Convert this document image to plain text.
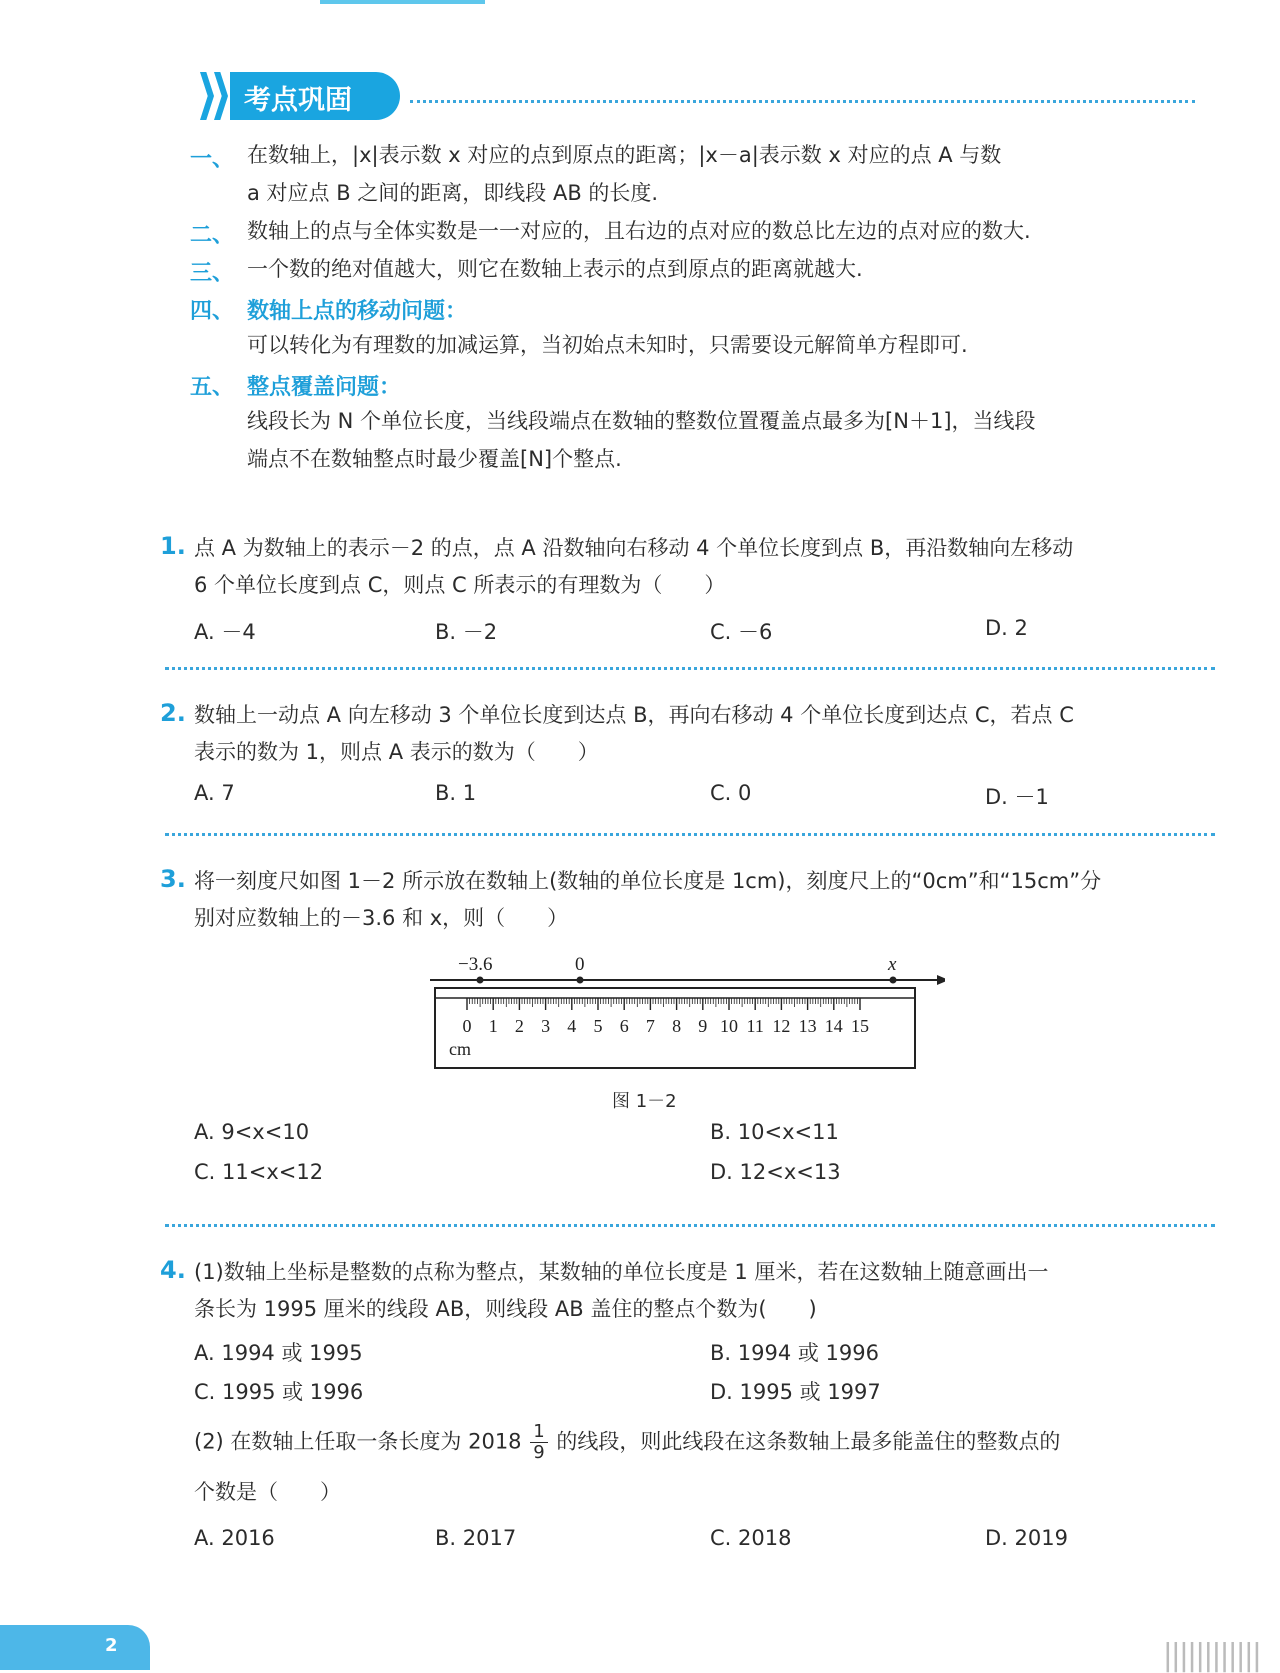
考点巩固
一、 在数轴上，|x|表示数 x 对应的点到原点的距离；|x－a|表示数 x 对应的点 A 与数
a 对应点 B 之间的距离，即线段 AB 的长度.
二、 数轴上的点与全体实数是一一对应的，且右边的点对应的数总比左边的点对应的数大.
三、 一个数的绝对值越大，则它在数轴上表示的点到原点的距离就越大.
四、 数轴上点的移动问题：
可以转化为有理数的加减运算，当初始点未知时，只需要设元解简单方程即可.
五、 整点覆盖问题：
线段长为 N 个单位长度，当线段端点在数轴的整数位置覆盖点最多为[N＋1]，当线段
端点不在数轴整点时最少覆盖[N]个整点.
1. 点 A 为数轴上的表示－2 的点，点 A 沿数轴向右移动 4 个单位长度到点 B，再沿数轴向左移动
6 个单位长度到点 C，则点 C 所表示的有理数为（　　）
A. －4	B. －2	C. －6	D. 2
2. 数轴上一动点 A 向左移动 3 个单位长度到达点 B，再向右移动 4 个单位长度到达点 C，若点 C
表示的数为 1，则点 A 表示的数为（　　）
A. 7	B. 1	C. 0	D. －1
3. 将一刻度尺如图 1－2 所示放在数轴上(数轴的单位长度是 1cm)，刻度尺上的“0cm”和“15cm”分
别对应数轴上的－3.6 和 x，则（　　）
−3.6	0	x
0 1 2 3 4 5 6 7 8 9 10 11 12 13 14 15
cm
图 1－2
A. 9<x<10	B. 10<x<11
C. 11<x<12	D. 12<x<13
4. (1)数轴上坐标是整数的点称为整点，某数轴的单位长度是 1 厘米，若在这数轴上随意画出一
条长为 1995 厘米的线段 AB，则线段 AB 盖住的整点个数为(　　)
A. 1994 或 1995	B. 1994 或 1996
C. 1995 或 1996	D. 1995 或 1997
(2) 在数轴上任取一条长度为 $2018 \frac{1}{9}$ 的线段，则此线段在这条数轴上最多能盖住的整数点的
个数是（　　）
A. 2016	B. 2017	C. 2018	D. 2019
2	||||||||||||
